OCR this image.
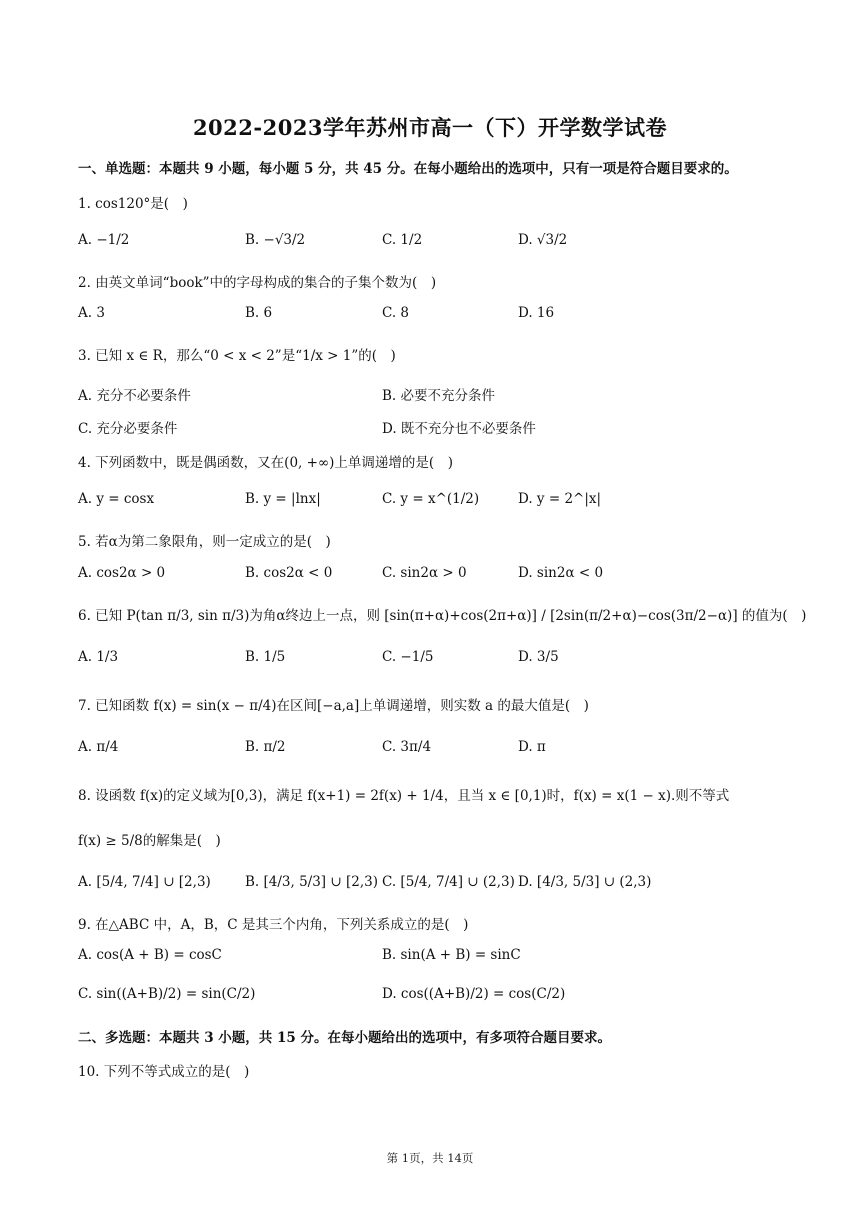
2022-2023学年苏州市高一（下）开学数学试卷
一、单选题：本题共 9 小题，每小题 5 分，共 45 分。在每小题给出的选项中，只有一项是符合题目要求的。
1. cos120°是(　)
A. −1/2	B. −√3/2	C. 1/2	D. √3/2
2. 由英文单词“book”中的字母构成的集合的子集个数为(　)
A. 3	B. 6	C. 8	D. 16
3. 已知 x ∈ R，那么“0 < x < 2”是“1/x > 1”的(　)
A. 充分不必要条件	B. 必要不充分条件
C. 充分必要条件	D. 既不充分也不必要条件
4. 下列函数中，既是偶函数，又在(0, +∞)上单调递增的是(　)
A. y = cosx	B. y = |lnx|	C. y = x^(1/2)	D. y = 2^|x|
5. 若α为第二象限角，则一定成立的是(　)
A. cos2α > 0	B. cos2α < 0	C. sin2α > 0	D. sin2α < 0
6. 已知 P(tan π/3, sin π/3)为角α终边上一点，则 [sin(π+α)+cos(2π+α)] / [2sin(π/2+α)−cos(3π/2−α)] 的值为(　)
A. 1/3	B. 1/5	C. −1/5	D. 3/5
7. 已知函数 f(x) = sin(x − π/4)在区间[−a,a]上单调递增，则实数 a 的最大值是(　)
A. π/4	B. π/2	C. 3π/4	D. π
8. 设函数 f(x)的定义域为[0,3)，满足 f(x+1) = 2f(x) + 1/4，且当 x ∈ [0,1)时，f(x) = x(1 − x).则不等式
f(x) ≥ 5/8的解集是(　)
A. [5/4, 7/4] ∪ [2,3)	B. [4/3, 5/3] ∪ [2,3) C. [5/4, 7/4] ∪ (2,3) D. [4/3, 5/3] ∪ (2,3)
9. 在△ABC 中，A，B，C 是其三个内角，下列关系成立的是(　)
A. cos(A + B) = cosC	B. sin(A + B) = sinC
C. sin((A+B)/2) = sin(C/2)	D. cos((A+B)/2) = cos(C/2)
二、多选题：本题共 3 小题，共 15 分。在每小题给出的选项中，有多项符合题目要求。
10. 下列不等式成立的是(　)
第 1页，共 14页
